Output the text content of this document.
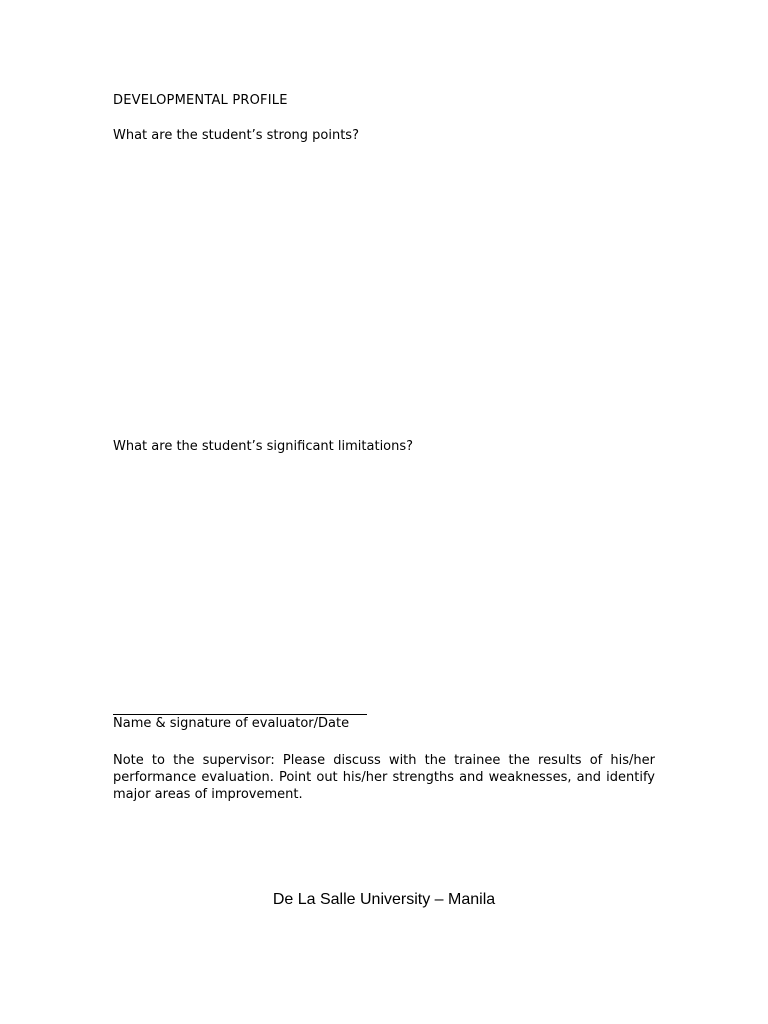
DEVELOPMENTAL PROFILE
What are the student’s strong points?
What are the student’s significant limitations?
Name & signature of evaluator/Date
Note to the supervisor: Please discuss with the trainee the results of his/her performance evaluation. Point out his/her strengths and weaknesses, and identify major areas of improvement.
De La Salle University – Manila
